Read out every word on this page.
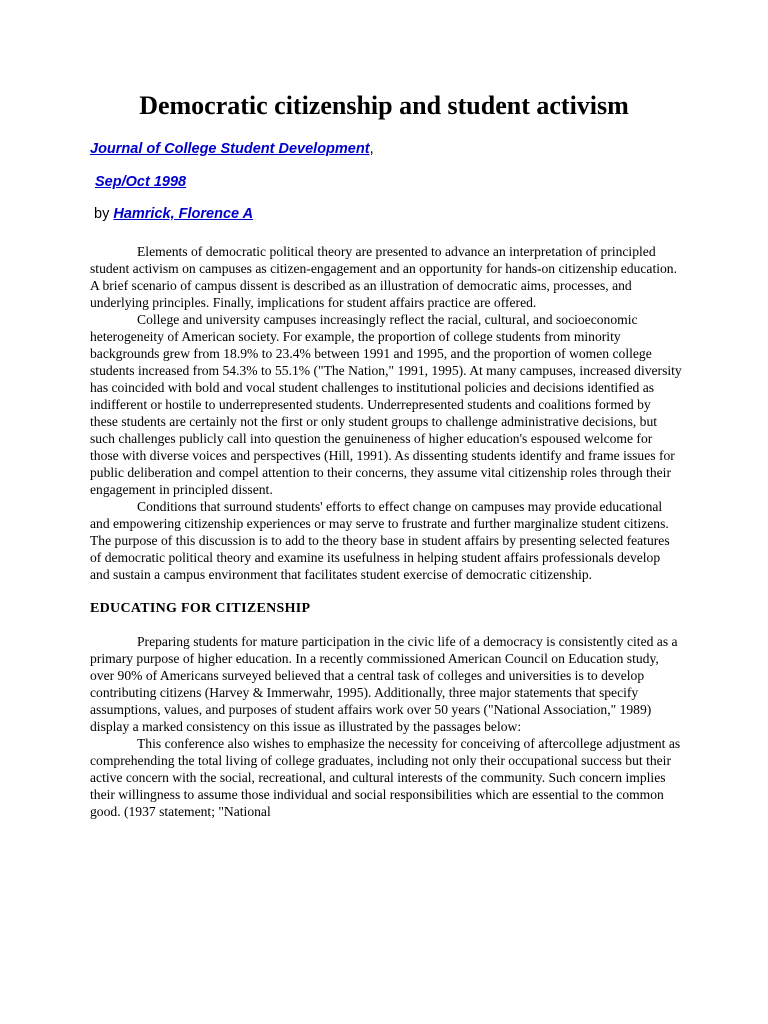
Democratic citizenship and student activism
Journal of College Student Development,
Sep/Oct 1998
by Hamrick, Florence A

Elements of democratic political theory are presented to advance an interpretation of principled student activism on campuses as citizen-engagement and an opportunity for hands-on citizenship education. A brief scenario of campus dissent is described as an illustration of democratic aims, processes, and underlying principles. Finally, implications for student affairs practice are offered.

College and university campuses increasingly reflect the racial, cultural, and socioeconomic heterogeneity of American society. For example, the proportion of college students from minority backgrounds grew from 18.9% to 23.4% between 1991 and 1995, and the proportion of women college students increased from 54.3% to 55.1% ("The Nation," 1991, 1995). At many campuses, increased diversity has coincided with bold and vocal student challenges to institutional policies and decisions identified as indifferent or hostile to underrepresented students. Underrepresented students and coalitions formed by these students are certainly not the first or only student groups to challenge administrative decisions, but such challenges publicly call into question the genuineness of higher education's espoused welcome for those with diverse voices and perspectives (Hill, 1991). As dissenting students identify and frame issues for public deliberation and compel attention to their concerns, they assume vital citizenship roles through their engagement in principled dissent.

Conditions that surround students' efforts to effect change on campuses may provide educational and empowering citizenship experiences or may serve to frustrate and further marginalize student citizens. The purpose of this discussion is to add to the theory base in student affairs by presenting selected features of democratic political theory and examine its usefulness in helping student affairs professionals develop and sustain a campus environment that facilitates student exercise of democratic citizenship.

EDUCATING FOR CITIZENSHIP

Preparing students for mature participation in the civic life of a democracy is consistently cited as a primary purpose of higher education. In a recently commissioned American Council on Education study, over 90% of Americans surveyed believed that a central task of colleges and universities is to develop contributing citizens (Harvey & Immerwahr, 1995). Additionally, three major statements that specify assumptions, values, and purposes of student affairs work over 50 years ("National Association," 1989) display a marked consistency on this issue as illustrated by the passages below:

This conference also wishes to emphasize the necessity for conceiving of aftercollege adjustment as comprehending the total living of college graduates, including not only their occupational success but their active concern with the social, recreational, and cultural interests of the community. Such concern implies their willingness to assume those individual and social responsibilities which are essential to the common good. (1937 statement; "National
